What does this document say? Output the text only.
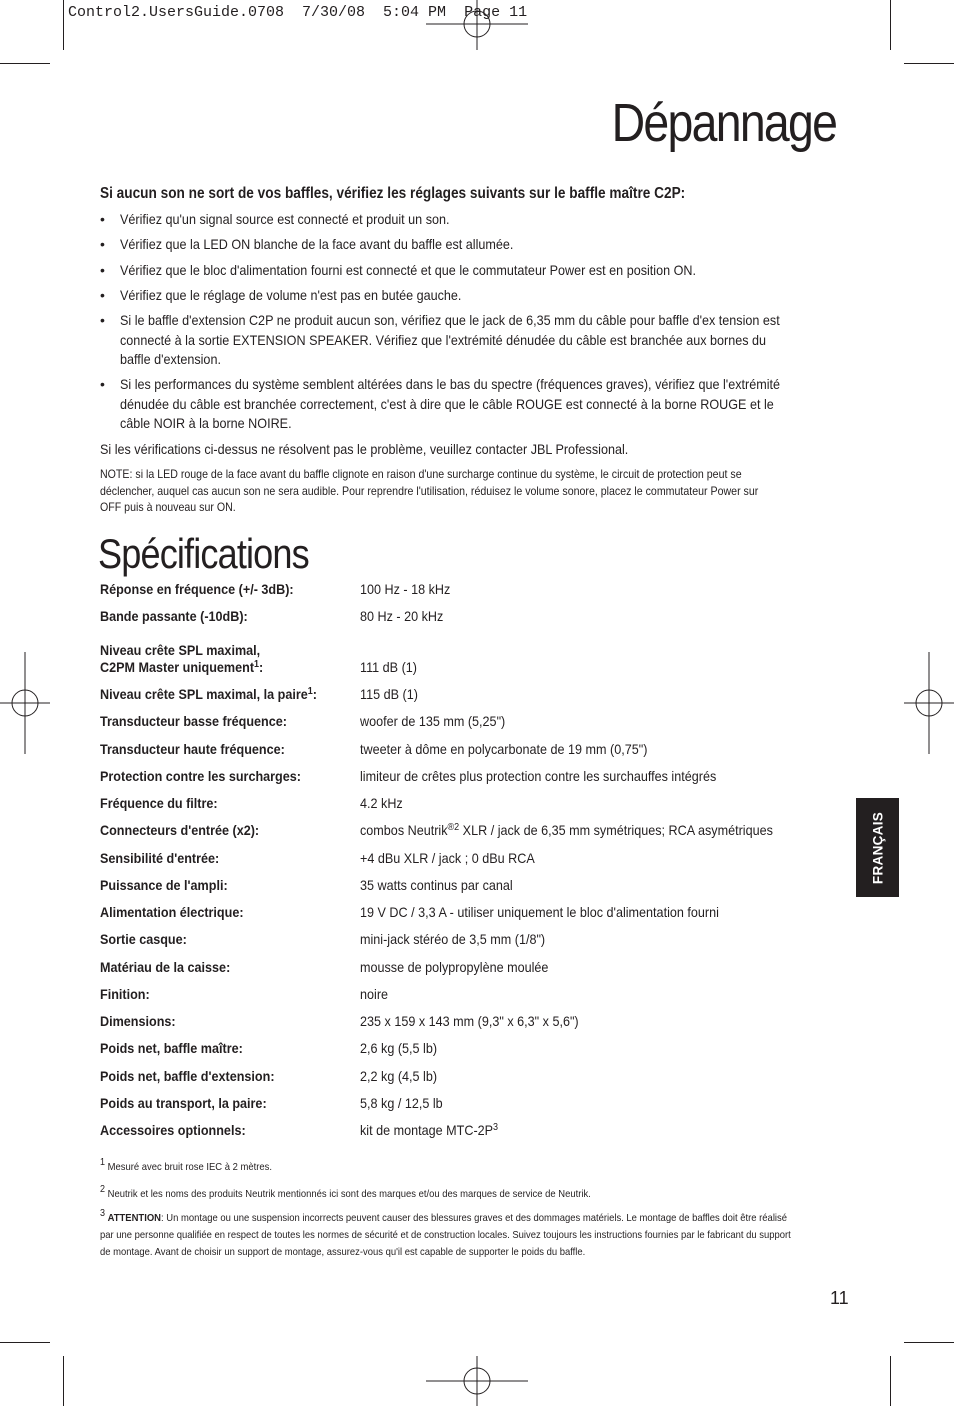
Control2.UsersGuide.0708  7/30/08  5:04 PM  Page 11
Dépannage
Si aucun son ne sort de vos baffles, vérifiez les réglages suivants sur le baffle maître C2P:
• Vérifiez qu'un signal source est connecté et produit un son.
• Vérifiez que la LED ON blanche de la face avant du baffle est allumée.
• Vérifiez que le bloc d'alimentation fourni est connecté et que le commutateur Power est en position ON.
• Vérifiez que le réglage de volume n'est pas en butée gauche.
• Si le baffle d'extension C2P ne produit aucun son, vérifiez que le jack de 6,35 mm du câble pour baffle d'ex tension est connecté à la sortie EXTENSION SPEAKER. Vérifiez que l'extrémité dénudée du câble est branchée aux bornes du baffle d'extension.
• Si les performances du système semblent altérées dans le bas du spectre (fréquences graves), vérifiez que l'extrémité dénudée du câble est branchée correctement, c'est à dire que le câble ROUGE est connecté à la borne ROUGE et le câble NOIR à la borne NOIRE.
Si les vérifications ci-dessus ne résolvent pas le problème, veuillez contacter JBL Professional.
NOTE: si la LED rouge de la face avant du baffle clignote en raison d'une surcharge continue du système, le circuit de protection peut se déclencher, auquel cas aucun son ne sera audible. Pour reprendre l'utilisation, réduisez le volume sonore, placez le commutateur Power sur OFF puis à nouveau sur ON.
Spécifications
Réponse en fréquence (+/- 3dB):	100 Hz - 18 kHz
Bande passante (-10dB):	80 Hz - 20 kHz
Niveau crête SPL maximal,
C2PM Master uniquement$^1$:	111 dB (1)
Niveau crête SPL maximal, la paire$^1$:	115 dB (1)
Transducteur basse fréquence:	woofer de 135 mm (5,25")
Transducteur haute fréquence:	tweeter à dôme en polycarbonate de 19 mm (0,75")
Protection contre les surcharges:	limiteur de crêtes plus protection contre les surchauffes intégrés
Fréquence du filtre:	4.2 kHz
Connecteurs d'entrée (x2):	combos Neutrik$^{®2}$ XLR / jack de 6,35 mm symétriques; RCA asymétriques
Sensibilité d'entrée:	+4 dBu XLR / jack ; 0 dBu RCA
Puissance de l'ampli:	35 watts continus par canal
Alimentation électrique:	19 V DC / 3,3 A - utiliser uniquement le bloc d'alimentation fourni
Sortie casque:	mini-jack stéréo de 3,5 mm (1/8")
Matériau de la caisse:	mousse de polypropylène moulée
Finition:	noire
Dimensions:	235 x 159 x 143 mm (9,3" x 6,3" x 5,6")
Poids net, baffle maître:	2,6 kg (5,5 lb)
Poids net, baffle d'extension:	2,2 kg (4,5 lb)
Poids au transport, la paire:	5,8 kg / 12,5 lb
Accessoires optionnels:	kit de montage MTC-$2P^3$
$^1$ Mesuré avec bruit rose IEC à 2 mètres.
$^2$ Neutrik et les noms des produits Neutrik mentionnés ici sont des marques et/ou des marques de service de Neutrik.
$^3$ ATTENTION: Un montage ou une suspension incorrects peuvent causer des blessures graves et des dommages matériels. Le montage de baffles doit être réalisé par une personne qualifiée en respect de toutes les normes de sécurité et de construction locales. Suivez toujours les instructions fournies par le fabricant du support de montage. Avant de choisir un support de montage, assurez-vous qu'il est capable de supporter le poids du baffle.
FRANÇAIS
11
